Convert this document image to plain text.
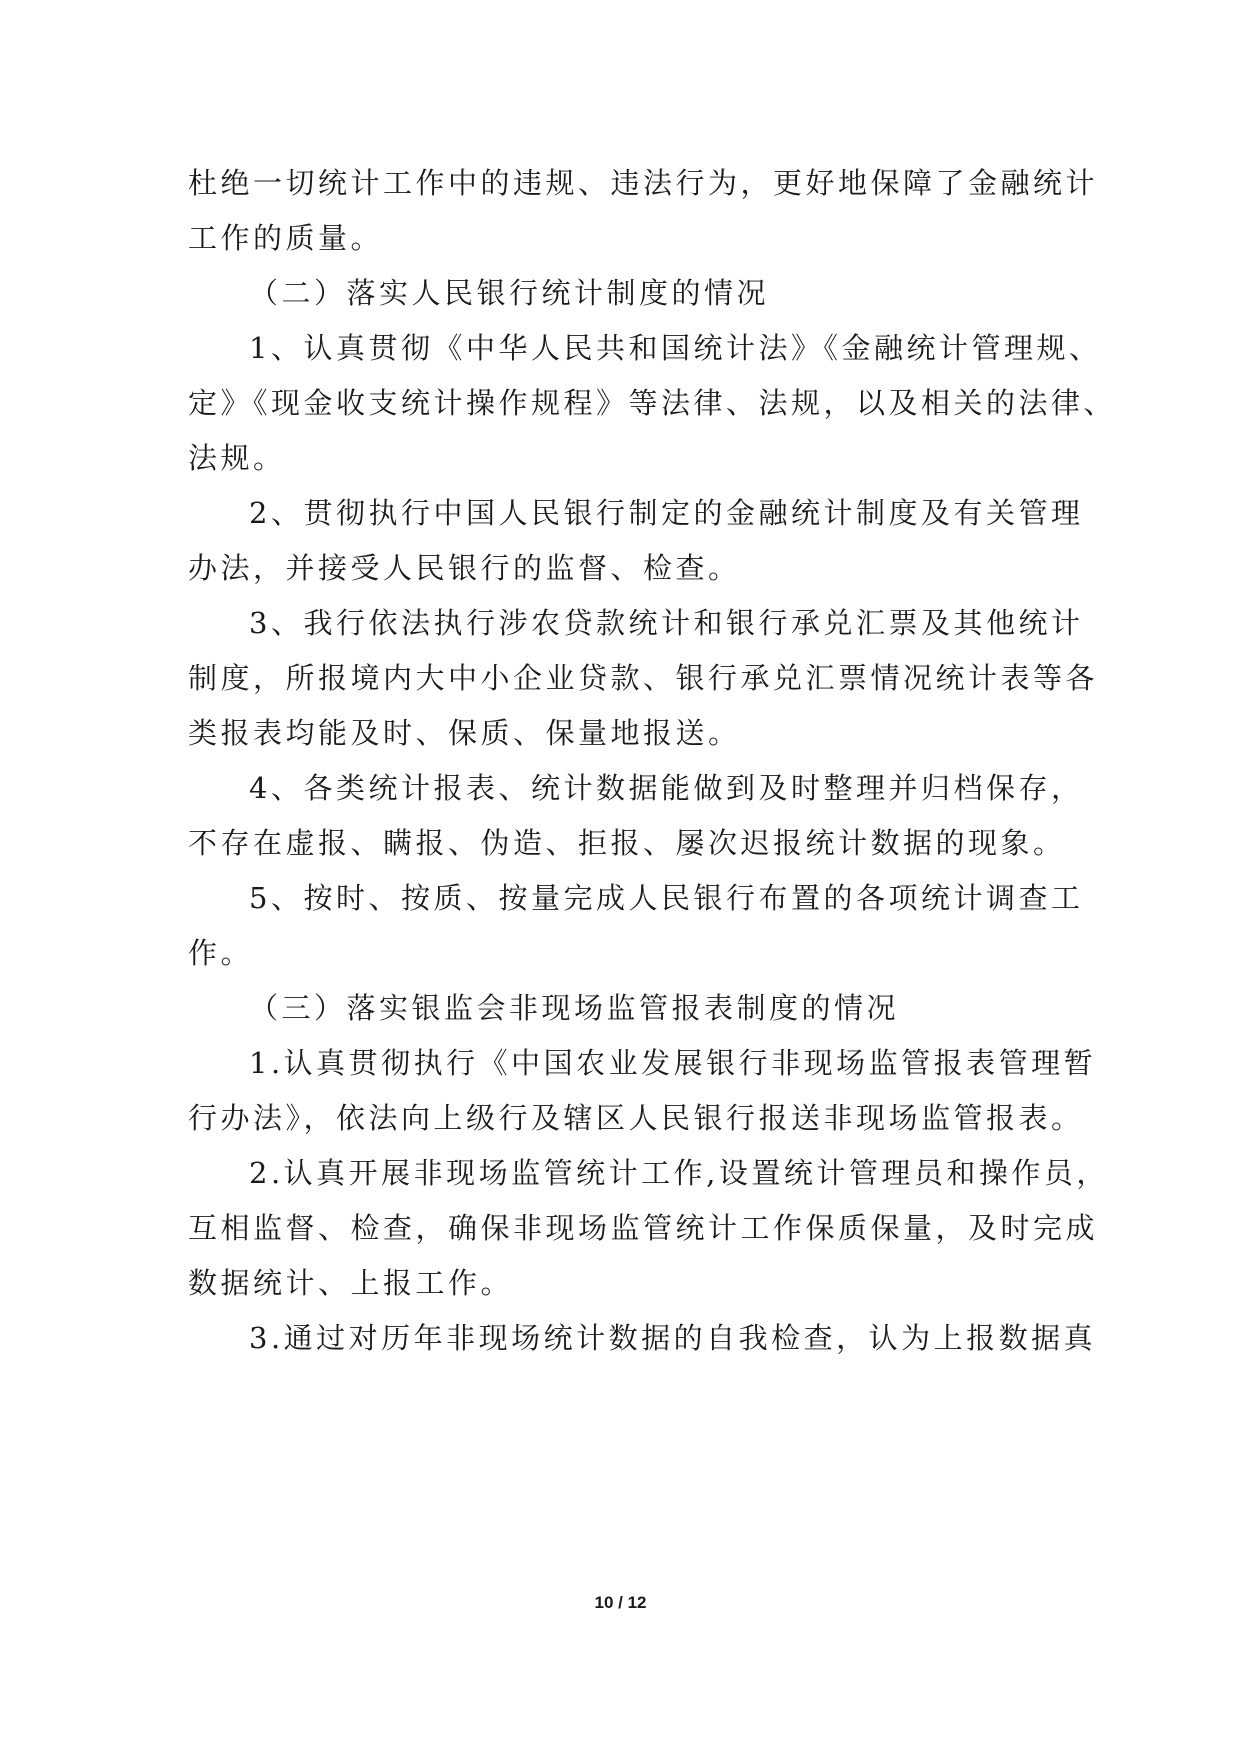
杜绝一切统计工作中的违规、违法行为，更好地保障了金融统计
工作的质量。
（二）落实人民银行统计制度的情况
1、认真贯彻《中华人民共和国统计法》《金融统计管理规、
定》《现金收支统计操作规程》等法律、法规，以及相关的法律、
法规。
2、贯彻执行中国人民银行制定的金融统计制度及有关管理
办法，并接受人民银行的监督、检查。
3、我行依法执行涉农贷款统计和银行承兑汇票及其他统计
制度，所报境内大中小企业贷款、银行承兑汇票情况统计表等各
类报表均能及时、保质、保量地报送。
4、各类统计报表、统计数据能做到及时整理并归档保存，
不存在虚报、瞒报、伪造、拒报、屡次迟报统计数据的现象。
5、按时、按质、按量完成人民银行布置的各项统计调查工
作。
（三）落实银监会非现场监管报表制度的情况
1.认真贯彻执行《中国农业发展银行非现场监管报表管理暂
行办法》，依法向上级行及辖区人民银行报送非现场监管报表。
2.认真开展非现场监管统计工作,设置统计管理员和操作员，
互相监督、检查，确保非现场监管统计工作保质保量，及时完成
数据统计、上报工作。
3.通过对历年非现场统计数据的自我检查，认为上报数据真
10 / 12
